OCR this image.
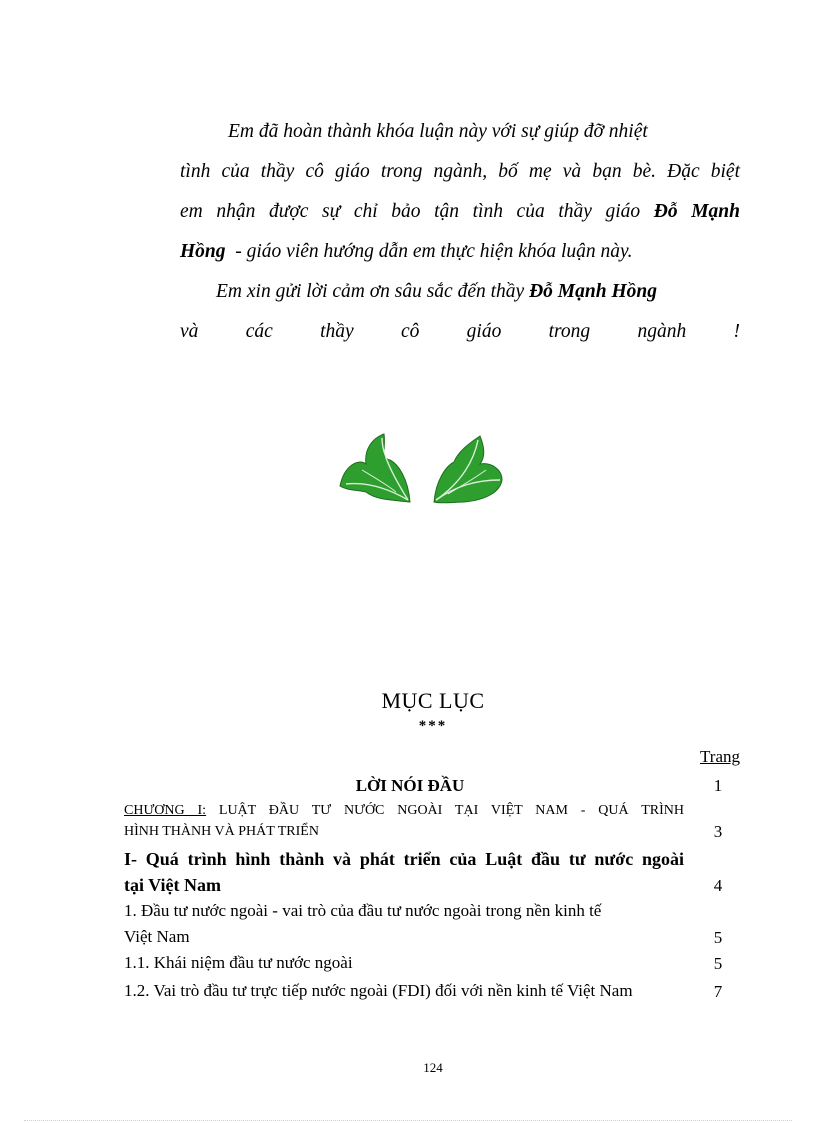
Em đã hoàn thành khóa luận này với sự giúp đỡ nhiệt
tình của thầy cô giáo trong ngành, bố mẹ và bạn bè. Đặc biệt
em nhận được sự chỉ bảo tận tình của thầy giáo Đỗ Mạnh
Hồng  - giáo viên hướng dẫn em thực hiện khóa luận này.

Em xin gửi lời cảm ơn sâu sắc đến thầy Đỗ Mạnh Hồng
và các thầy cô giáo trong ngành !

MỤC LỤC
***
Trang
LỜI NÓI ĐẦU	1
CHƯƠNG I: LUẬT ĐẦU TƯ NƯỚC NGOÀI TẠI VIỆT NAM - QUÁ TRÌNH
HÌNH THÀNH VÀ PHÁT TRIỂN	3
I- Quá trình hình thành và phát triển của Luật đầu tư nước ngoài
tại Việt Nam	4
1. Đầu tư nước ngoài - vai trò của đầu tư nước ngoài trong nền kinh tế
Việt Nam	5
1.1. Khái niệm đầu tư nước ngoài	5
1.2. Vai trò đầu tư trực tiếp nước ngoài (FDI) đối với nền kinh tế Việt Nam	7
124
